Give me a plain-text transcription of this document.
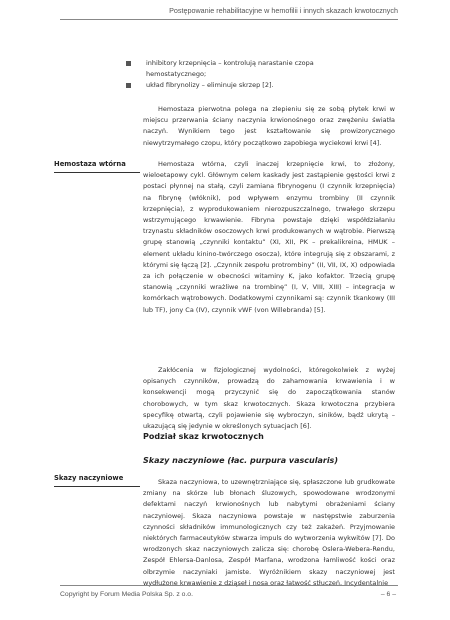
Postępowanie rehabilitacyjne w hemofilii i innych skazach krwotocznych
inhibitory krzepnięcia – kontrolują narastanie czopa hemostatycznego;
układ fibrynolizy – eliminuje skrzep [2].

Hemostaza pierwotna polega na zlepieniu się ze sobą płytek krwi w miejscu przerwania ściany naczynia krwionośnego oraz zwężeniu światła naczyń. Wynikiem tego jest kształtowanie się prowizorycznego niewytrzymałego czopu, który początkowo zapobiega wyciekowi krwi [4].

Hemostaza wtórna	Hemostaza wtórna, czyli inaczej krzepnięcie krwi, to złożony, wieloetapowy cykl. Głównym celem kaskady jest zastąpienie gęstości krwi z postaci płynnej na stałą, czyli zamiana fibrynogenu (I czynnik krzepnięcia) na fibrynę (włóknik), pod wpływem enzymu trombiny (II czynnik krzepnięcia), z wyprodukowaniem nierozpuszczalnego, trwałego skrzepu wstrzymującego krwawienie. Fibryna powstaje dzięki współdziałaniu trzynastu składników osoczowych krwi produkowanych w wątrobie. Pierwszą grupę stanowią „czynniki kontaktu” (XI, XII, PK – prekalikreina, HMUK – element układu kinino-twórczego osocza), które integrują się z obszarami, z którymi się łączą [2]. „Czynnik zespołu protrombiny” (II, VII, IX, X) odpowiada za ich połączenie w obecności witaminy K, jako kofaktor. Trzecią grupę stanowią „czynniki wrażliwe na trombinę” (I, V, VIII, XIII) – integracja w komórkach wątrobowych. Dodatkowymi czynnikami są: czynnik tkankowy (III lub TF), jony Ca (IV), czynnik vWF (von Willebranda) [5].

Zakłócenia w fizjologicznej wydolności, któregokolwiek z wyżej opisanych czynników, prowadzą do zahamowania krwawienia i w konsekwencji mogą przyczynić się do zapoczątkowania stanów chorobowych, w tym skaz krwotocznych. Skaza krwotoczna przybiera specyfikę otwartą, czyli pojawienie się wybroczyn, siników, bądź ukrytą – ukazującą się jedynie w określonych sytuacjach [6].

Podział skaz krwotocznych
Skazy naczyniowe (łac. purpura vascularis)
Skazy naczyniowe	Skaza naczyniowa, to uzewnętrzniające się, spłaszczone lub grudkowate zmiany na skórze lub błonach śluzowych, spowodowane wrodzonymi defektami naczyń krwionośnych lub nabytymi obrażeniami ściany naczyniowej. Skaza naczyniowa powstaje w następstwie zaburzenia czynności składników immunologicznych czy też zakażeń. Przyjmowanie niektórych farmaceutyków stwarza impuls do wytworzenia wykwitów [7]. Do wrodzonych skaz naczyniowych zalicza się: chorobę Oslera-Webera-Rendu, Zespół Ehlersa-Danlosa, Zespół Marfana, wrodzona łamliwość kości oraz olbrzymie naczyniaki jamiste. Wyróżnikiem skazy naczyniowej jest wydłużone krwawienie z dziąseł i nosa oraz łatwość stłuczeń. Incydentalnie

Copyright by Forum Media Polska Sp. z o.o.	– 6 –
